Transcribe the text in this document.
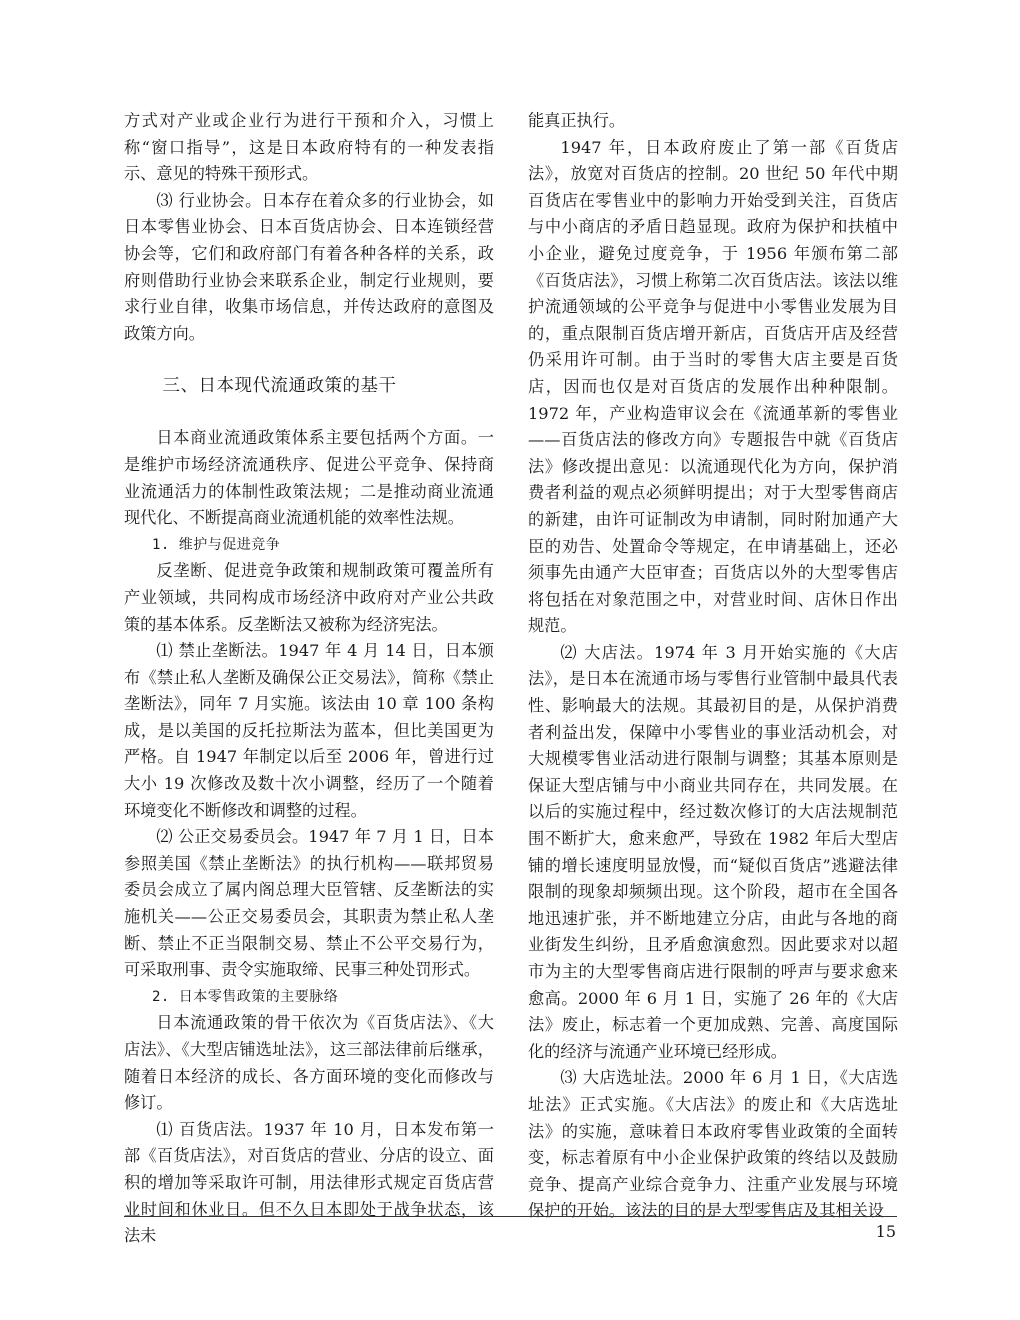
方式对产业或企业行为进行干预和介入，习惯上称“窗口指导”，这是日本政府特有的一种发表指示、意见的特殊干预形式。

⑶ 行业协会。日本存在着众多的行业协会，如日本零售业协会、日本百货店协会、日本连锁经营协会等，它们和政府部门有着各种各样的关系，政府则借助行业协会来联系企业，制定行业规则，要求行业自律，收集市场信息，并传达政府的意图及政策方向。

三、日本现代流通政策的基干

日本商业流通政策体系主要包括两个方面。一是维护市场经济流通秩序、促进公平竞争、保持商业流通活力的体制性政策法规；二是推动商业流通现代化、不断提高商业流通机能的效率性法规。

1. 维护与促进竞争

反垄断、促进竞争政策和规制政策可覆盖所有产业领域，共同构成市场经济中政府对产业公共政策的基本体系。反垄断法又被称为经济宪法。

⑴ 禁止垄断法。1947 年 4 月 14 日，日本颁布《禁止私人垄断及确保公正交易法》，简称《禁止垄断法》，同年 7 月实施。该法由 10 章 100 条构成，是以美国的反托拉斯法为蓝本，但比美国更为严格。自 1947 年制定以后至 2006 年，曾进行过大小 19 次修改及数十次小调整，经历了一个随着环境变化不断修改和调整的过程。

⑵ 公正交易委员会。1947 年 7 月 1 日，日本参照美国《禁止垄断法》的执行机构——联邦贸易委员会成立了属内阁总理大臣管辖、反垄断法的实施机关——公正交易委员会，其职责为禁止私人垄断、禁止不正当限制交易、禁止不公平交易行为，可采取刑事、责令实施取缔、民事三种处罚形式。

2. 日本零售政策的主要脉络

日本流通政策的骨干依次为《百货店法》、《大店法》、《大型店铺选址法》，这三部法律前后继承，随着日本经济的成长、各方面环境的变化而修改与修订。

⑴ 百货店法。1937 年 10 月，日本发布第一部《百货店法》，对百货店的营业、分店的设立、面积的增加等采取许可制，用法律形式规定百货店营业时间和休业日。但不久日本即处于战争状态，该法未

能真正执行。

1947 年，日本政府废止了第一部《百货店法》，放宽对百货店的控制。20 世纪 50 年代中期百货店在零售业中的影响力开始受到关注，百货店与中小商店的矛盾日趋显现。政府为保护和扶植中小企业，避免过度竞争，于 1956 年颁布第二部《百货店法》，习惯上称第二次百货店法。该法以维护流通领域的公平竞争与促进中小零售业发展为目的，重点限制百货店增开新店，百货店开店及经营仍采用许可制。由于当时的零售大店主要是百货店，因而也仅是对百货店的发展作出种种限制。1972 年，产业构造审议会在《流通革新的零售业——百货店法的修改方向》专题报告中就《百货店法》修改提出意见：以流通现代化为方向，保护消费者利益的观点必须鲜明提出；对于大型零售商店的新建，由许可证制改为申请制，同时附加通产大臣的劝告、处置命令等规定，在申请基础上，还必须事先由通产大臣审查；百货店以外的大型零售店将包括在对象范围之中，对营业时间、店休日作出规范。

⑵ 大店法。1974 年 3 月开始实施的《大店法》，是日本在流通市场与零售行业管制中最具代表性、影响最大的法规。其最初目的是，从保护消费者利益出发，保障中小零售业的事业活动机会，对大规模零售业活动进行限制与调整；其基本原则是保证大型店铺与中小商业共同存在，共同发展。在以后的实施过程中，经过数次修订的大店法规制范围不断扩大，愈来愈严，导致在 1982 年后大型店铺的增长速度明显放慢，而“疑似百货店”逃避法律限制的现象却频频出现。这个阶段，超市在全国各地迅速扩张，并不断地建立分店，由此与各地的商业街发生纠纷，且矛盾愈演愈烈。因此要求对以超市为主的大型零售商店进行限制的呼声与要求愈来愈高。2000 年 6 月 1 日，实施了 26 年的《大店法》废止，标志着一个更加成熟、完善、高度国际化的经济与流通产业环境已经形成。

⑶ 大店选址法。2000 年 6 月 1 日，《大店选址法》正式实施。《大店法》的废止和《大店选址法》的实施，意味着日本政府零售业政策的全面转变，标志着原有中小企业保护政策的终结以及鼓励竞争、提高产业综合竞争力、注重产业发展与环境保护的开始。该法的目的是大型零售店及其相关设

15
